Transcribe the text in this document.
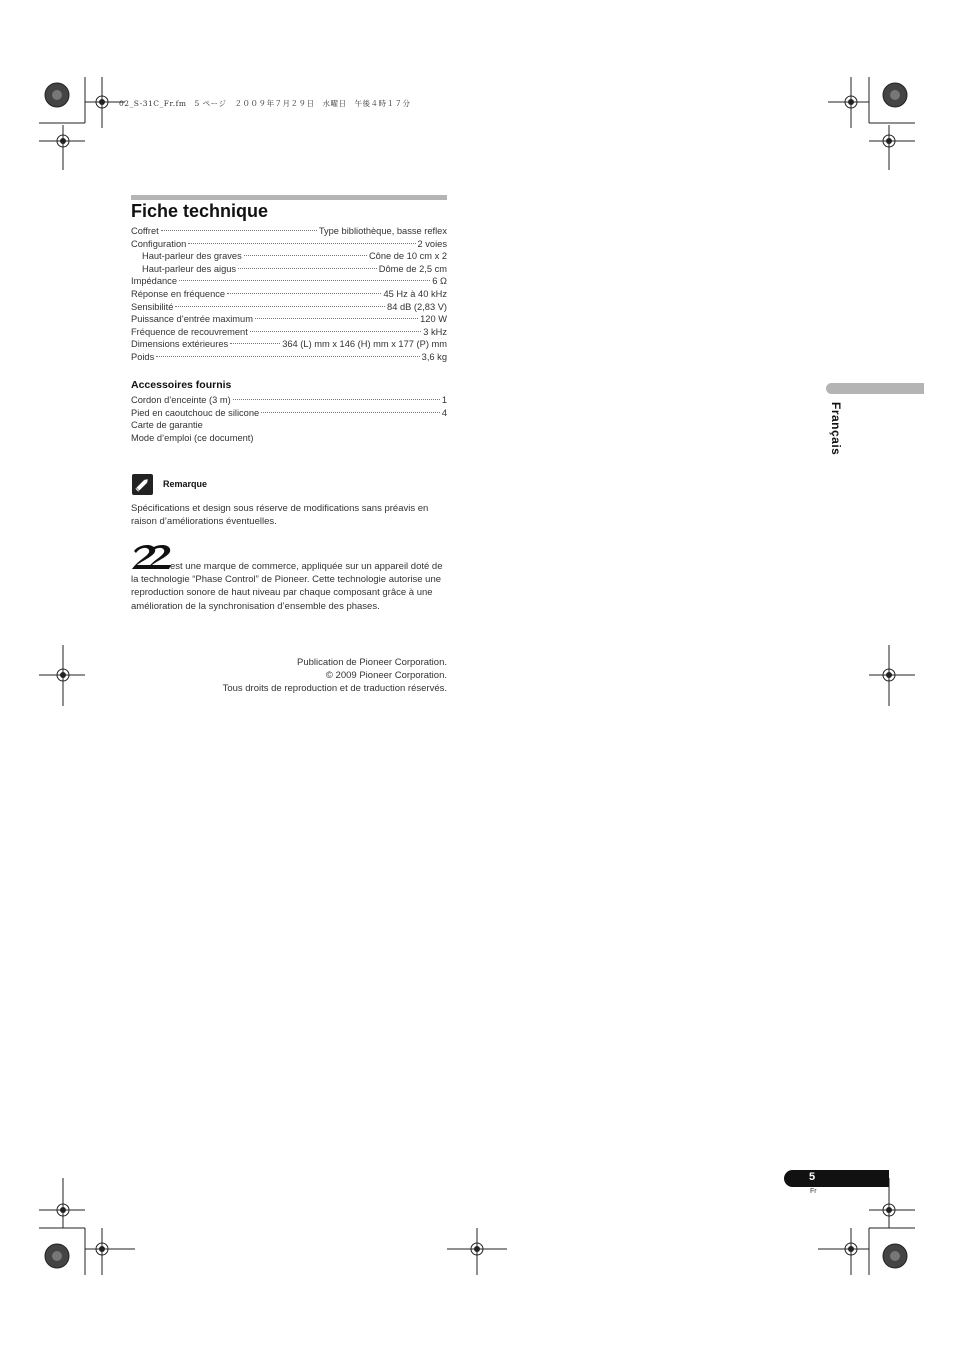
02_S-31C_Fr.fm　5 ページ　２００９年７月２９日　水曜日　午後４時１７分
Fiche technique
Coffret	Type bibliothèque, basse reflex
Configuration	2 voies
Haut-parleur des graves	Cône de 10 cm x 2
Haut-parleur des aigus	Dôme de 2,5 cm
Impédance	6 Ω
Réponse en fréquence	45 Hz à 40 kHz
Sensibilité	84 dB (2,83 V)
Puissance d’entrée maximum	120 W
Fréquence de recouvrement	3 kHz
Dimensions extérieures	364 (L) mm x 146 (H) mm x 177 (P) mm
Poids	3,6 kg
Accessoires fournis
Cordon d’enceinte (3 m)	1
Pied en caoutchouc de silicone	4
Carte de garantie
Mode d’emploi (ce document)
Remarque
Spécifications et design sous réserve de modifications sans préavis en raison d’améliorations éventuelles.
est une marque de commerce, appliquée sur un appareil doté de la technologie “Phase Control” de Pioneer. Cette technologie autorise une reproduction sonore de haut niveau par chaque composant grâce à une amélioration de la synchronisation d’ensemble des phases.
Publication de Pioneer Corporation.
© 2009 Pioneer Corporation.
Tous droits de reproduction et de traduction réservés.
Français
5
Fr
